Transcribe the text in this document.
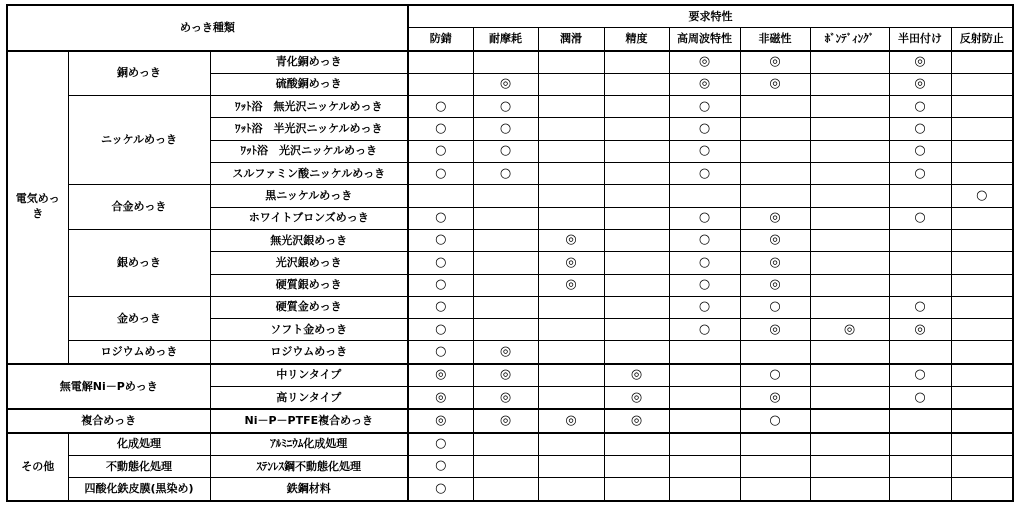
めっき種類			要求特性								
			防錆	耐摩耗	潤滑	精度	高周波特性	非磁性	ﾎﾞﾝﾃﾞｨﾝｸﾞ	半田付け	反射防止
電気めっき	銅めっき	青化銅めっき					◎	◎		◎	
		硫酸銅めっき		◎			◎	◎		◎	
	ニッケルめっき	ﾜｯﾄ浴　無光沢ニッケルめっき	○	○			○			○	
		ﾜｯﾄ浴　半光沢ニッケルめっき	○	○			○			○	
		ﾜｯﾄ浴　光沢ニッケルめっき	○	○			○			○	
		スルファミン酸ニッケルめっき	○	○			○			○	
	合金めっき	黒ニッケルめっき									○
		ホワイトブロンズめっき	○				○	◎		○	
	銀めっき	無光沢銀めっき	○		◎		○	◎			
		光沢銀めっき	○		◎		○	◎			
		硬質銀めっき	○		◎		○	◎			
	金めっき	硬質金めっき	○				○	○		○	
		ソフト金めっき	○				○	◎	◎	◎	
	ロジウムめっき	ロジウムめっき	○	◎							
無電解Ni－Pめっき		中リンタイプ	◎	◎		◎		○		○	
		高リンタイプ	◎	◎		◎		◎		○	
複合めっき		Ni－P－PTFE複合めっき	◎	◎	◎	◎		○			
その他	化成処理	ｱﾙﾐﾆｳﾑ化成処理	○								
	不動態化処理	ｽﾃﾝﾚｽ鋼不動態化処理	○								
	四酸化鉄皮膜(黒染め)	鉄鋼材料	○								
